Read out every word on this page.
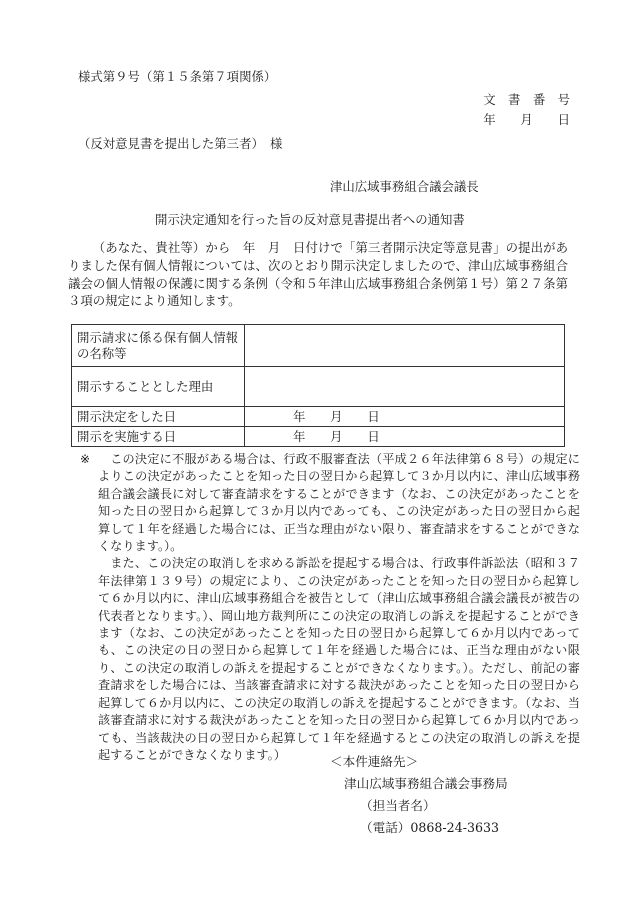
様式第９号（第１５条第７項関係）
文　書　番　号
年　　月　　日
（反対意見書を提出した第三者）　様
津山広域事務組合議会議長
開示決定通知を行った旨の反対意見書提出者への通知書

（あなた、貴社等）から　年　月　日付けで「第三者開示決定等意見書」の提出がありました保有個人情報については、次のとおり開示決定しましたので、津山広域事務組合議会の個人情報の保護に関する条例（令和５年津山広域事務組合条例第１号）第２７条第３項の規定により通知します。

開示請求に係る保有個人情報の名称等	
開示することとした理由	
開示決定をした日	年　　月　　日
開示を実施する日	年　　月　　日
※	この決定に不服がある場合は、行政不服審査法（平成２６年法律第６８号）の規定によりこの決定があったことを知った日の翌日から起算して３か月以内に、津山広域事務組合議会議長に対して審査請求をすることができます（なお、この決定があったことを知った日の翌日から起算して３か月以内であっても、この決定があった日の翌日から起算して１年を経過した場合には、正当な理由がない限り、審査請求をすることができなくなります。）。

また、この決定の取消しを求める訴訟を提起する場合は、行政事件訴訟法（昭和３７年法律第１３９号）の規定により、この決定があったことを知った日の翌日から起算して６か月以内に、津山広域事務組合を被告として（津山広域事務組合議会議長が被告の代表者となります。）、岡山地方裁判所にこの決定の取消しの訴えを提起することができます（なお、この決定があったことを知った日の翌日から起算して６か月以内であっても、この決定の日の翌日から起算して１年を経過した場合には、正当な理由がない限り、この決定の取消しの訴えを提起することができなくなります。）。ただし、前記の審査請求をした場合には、当該審査請求に対する裁決があったことを知った日の翌日から起算して６か月以内に、この決定の取消しの訴えを提起することができます。（なお、当該審査請求に対する裁決があったことを知った日の翌日から起算して６か月以内であっても、当該裁決の日の翌日から起算して１年を経過するとこの決定の取消しの訴えを提起することができなくなります。）	＜本件連絡先＞
津山広域事務組合議会事務局
（担当者名）
（電話）0868-24-3633
